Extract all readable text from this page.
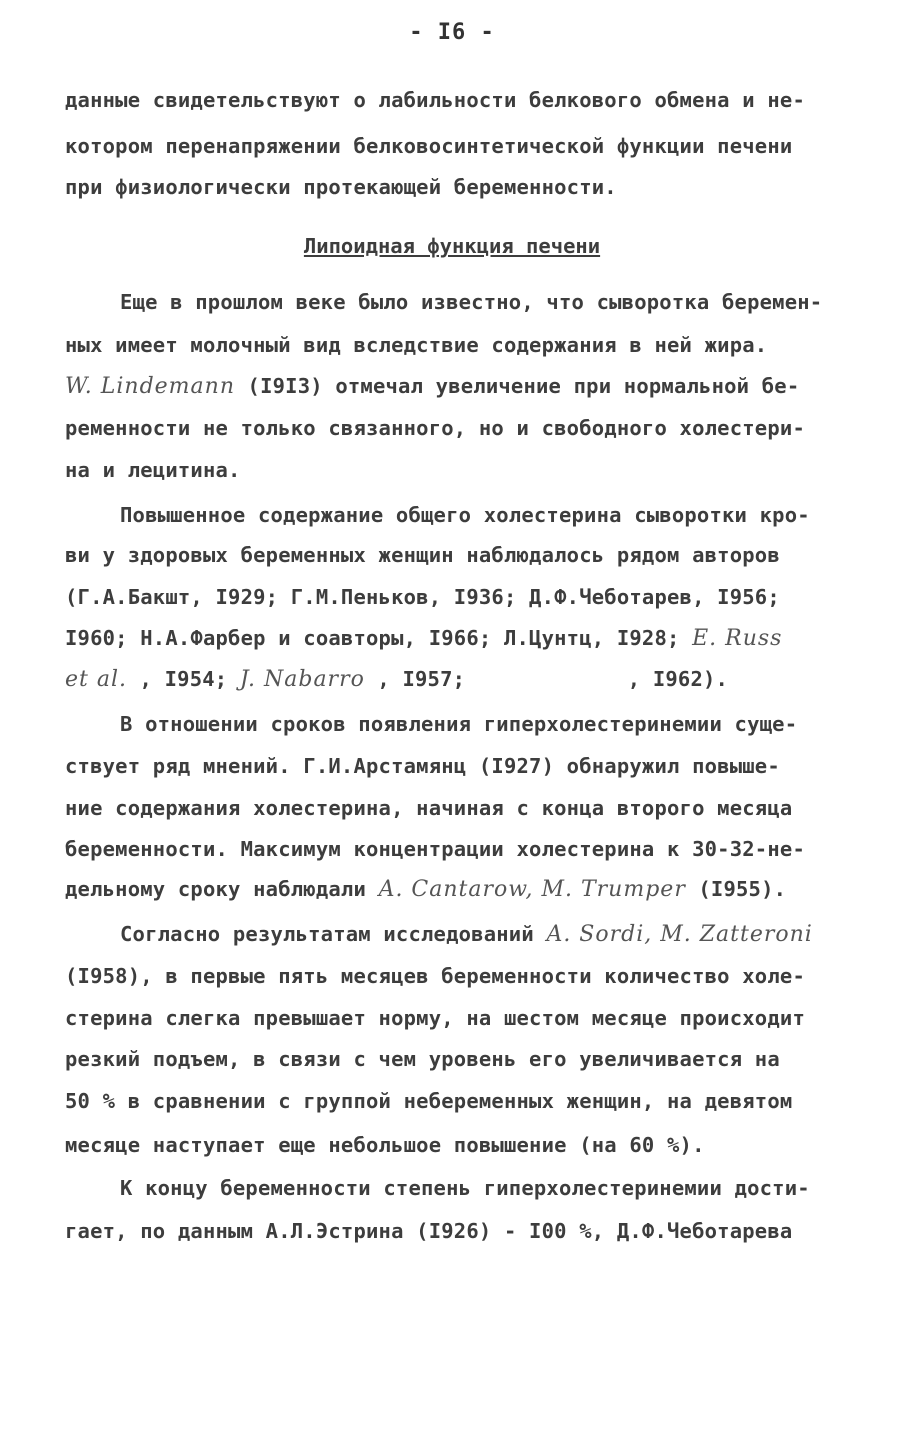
- I6 -
данные свидетельствуют о лабильности белкового обмена и не-
котором перенапряжении белковосинтетической функции печени
при физиологически протекающей беременности.
Липоидная функция печени
Еще в прошлом веке было известно, что сыворотка беремен-
ных имеет молочный вид вследствие содержания в ней жира.
W. Lindemann (I9I3) отмечал увеличение при нормальной бе-
ременности не только связанного, но и свободного холестери-
на и лецитина.
Повышенное содержание общего холестерина сыворотки кро-
ви у здоровых беременных женщин наблюдалось рядом авторов
(Г.А.Бакшт, I929; Г.М.Пеньков, I936; Д.Ф.Чеботарев, I956;
I960; Н.А.Фарбер и соавторы, I966; Л.Цунтц, I928; E. Russ
et al. , I954; J. Nabarro , I957;	, I962).
В отношении сроков появления гиперхолестеринемии суще-
ствует ряд мнений. Г.И.Арстамянц (I927) обнаружил повыше-
ние содержания холестерина, начиная с конца второго месяца
беременности. Максимум концентрации холестерина к 30-32-не-
дельному сроку наблюдали A. Cantarow, M. Trumper (I955).
Согласно результатам исследований A. Sordi, M. Zatteroni
(I958), в первые пять месяцев беременности количество холе-
стерина слегка превышает норму, на шестом месяце происходит
резкий подъем, в связи с чем уровень его увеличивается на
50 % в сравнении с группой небеременных женщин, на девятом
месяце наступает еще небольшое повышение (на 60 %).
К концу беременности степень гиперхолестеринемии дости-
гает, по данным А.Л.Эстрина (I926) - I00 %, Д.Ф.Чеботарева
